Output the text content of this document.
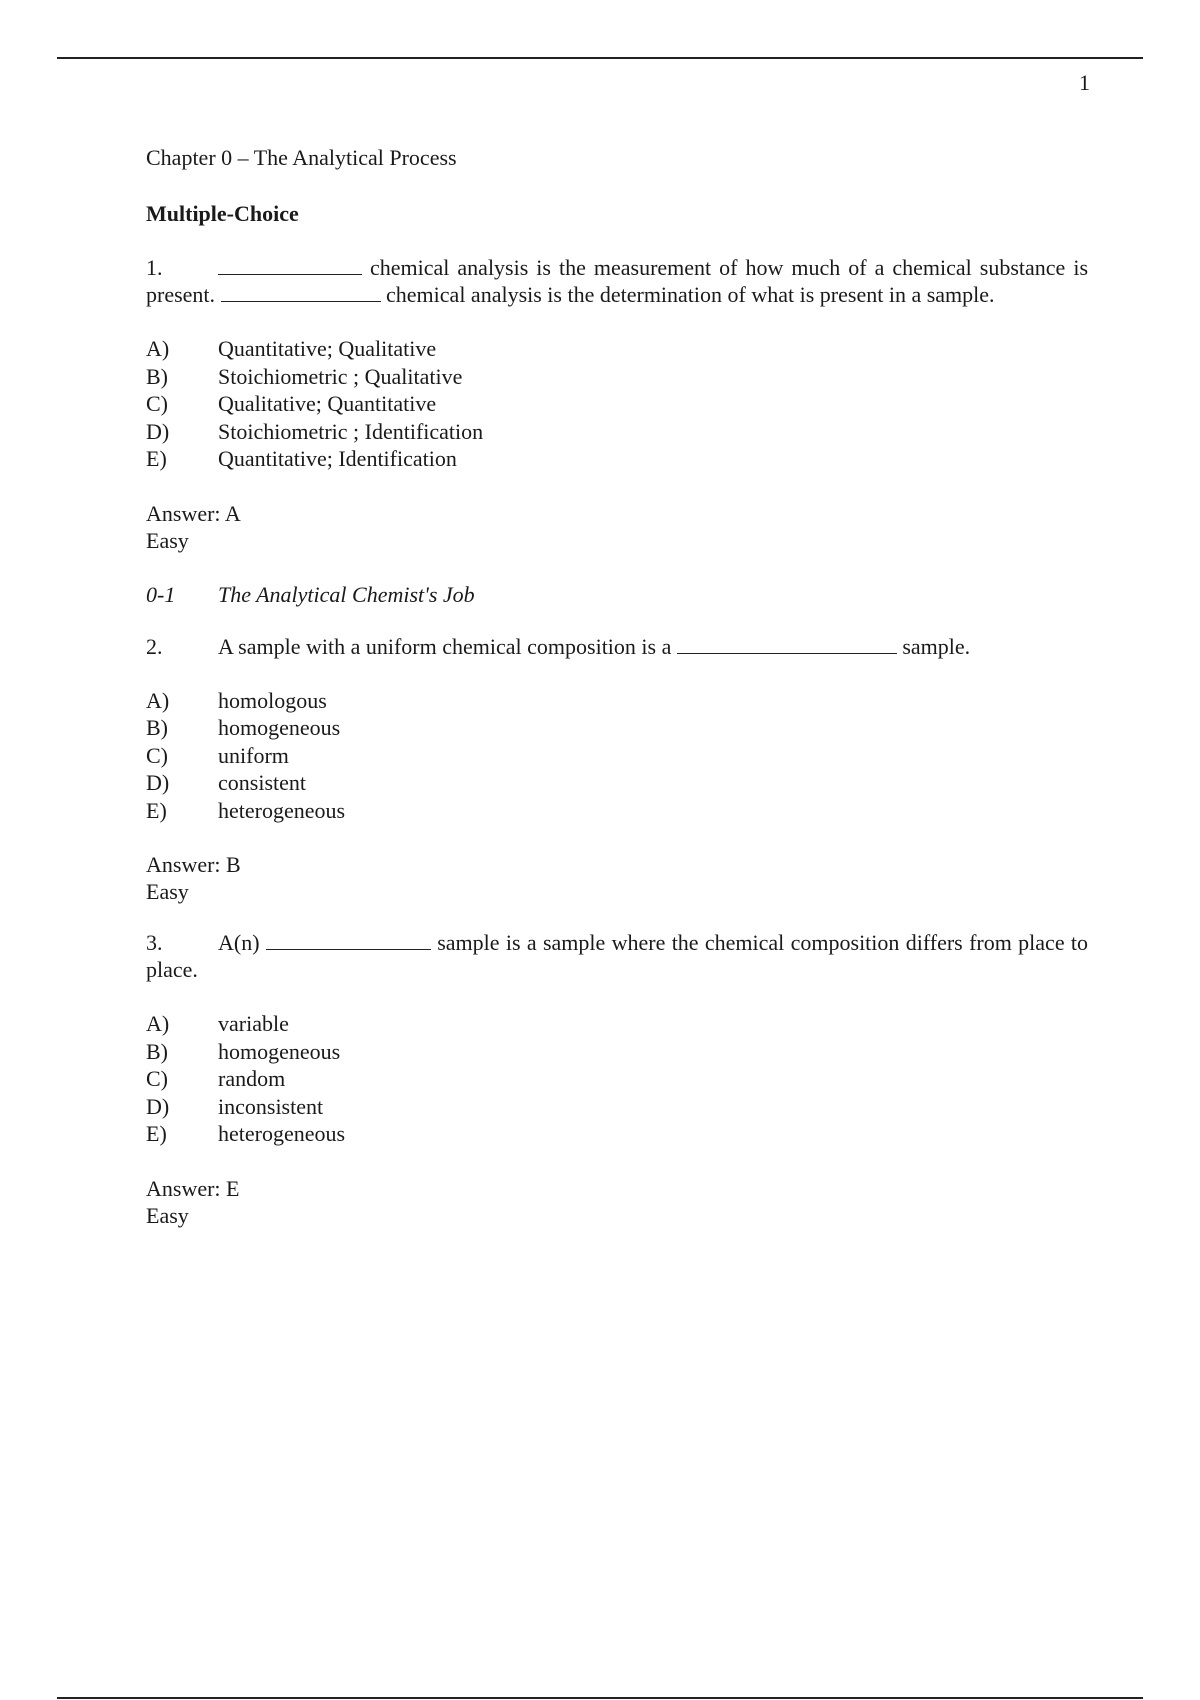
1
Chapter 0 – The Analytical Process
Multiple-Choice
1.	chemical analysis is the measurement of how much of a chemical substance is present.	chemical analysis is the determination of what is present in a sample.
A)	Quantitative; Qualitative
B)	Stoichiometric ; Qualitative
C)	Qualitative; Quantitative
D)	Stoichiometric ; Identification
E)	Quantitative; Identification
Answer: A
Easy
0-1	The Analytical Chemist's Job
2.	A sample with a uniform chemical composition is a	sample.
A)	homologous
B)	homogeneous
C)	uniform
D)	consistent
E)	heterogeneous
Answer: B
Easy
3.	A(n)	sample is a sample where the chemical composition differs from place to place.
A)	variable
B)	homogeneous
C)	random
D)	inconsistent
E)	heterogeneous
Answer: E
Easy
